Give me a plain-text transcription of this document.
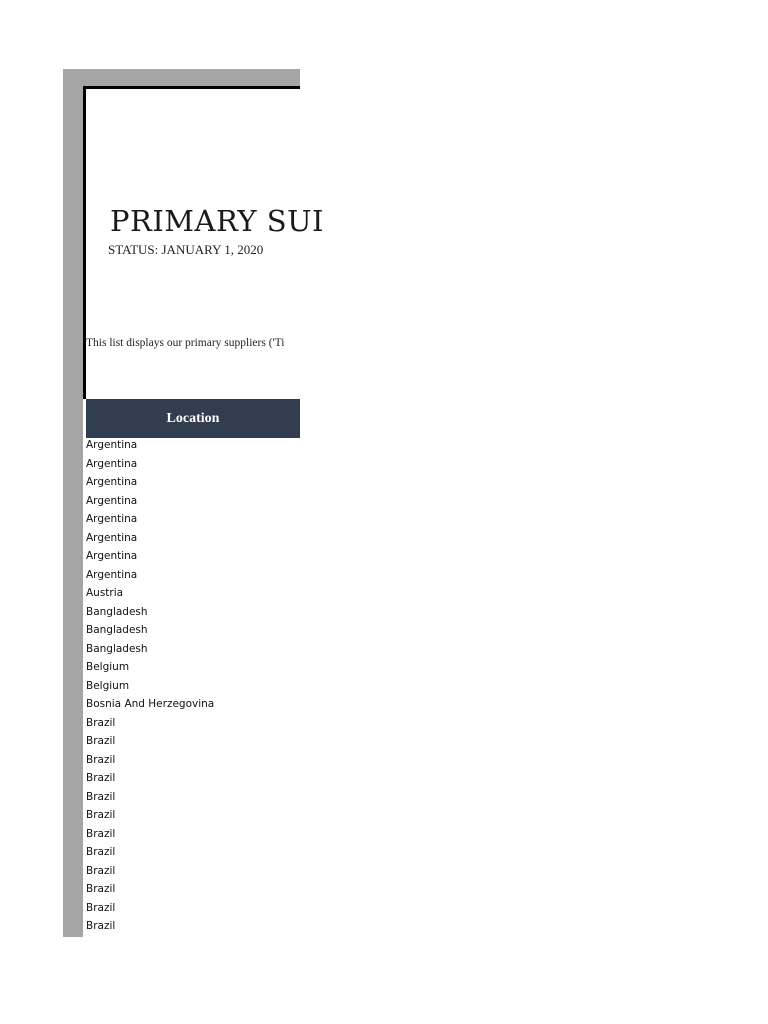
PRIMARY SUI
STATUS: JANUARY 1, 2020
This list displays our primary suppliers ('Ti
Location
Argentina
Argentina
Argentina
Argentina
Argentina
Argentina
Argentina
Argentina
Austria
Bangladesh
Bangladesh
Bangladesh
Belgium
Belgium
Bosnia And Herzegovina
Brazil
Brazil
Brazil
Brazil
Brazil
Brazil
Brazil
Brazil
Brazil
Brazil
Brazil
Brazil
